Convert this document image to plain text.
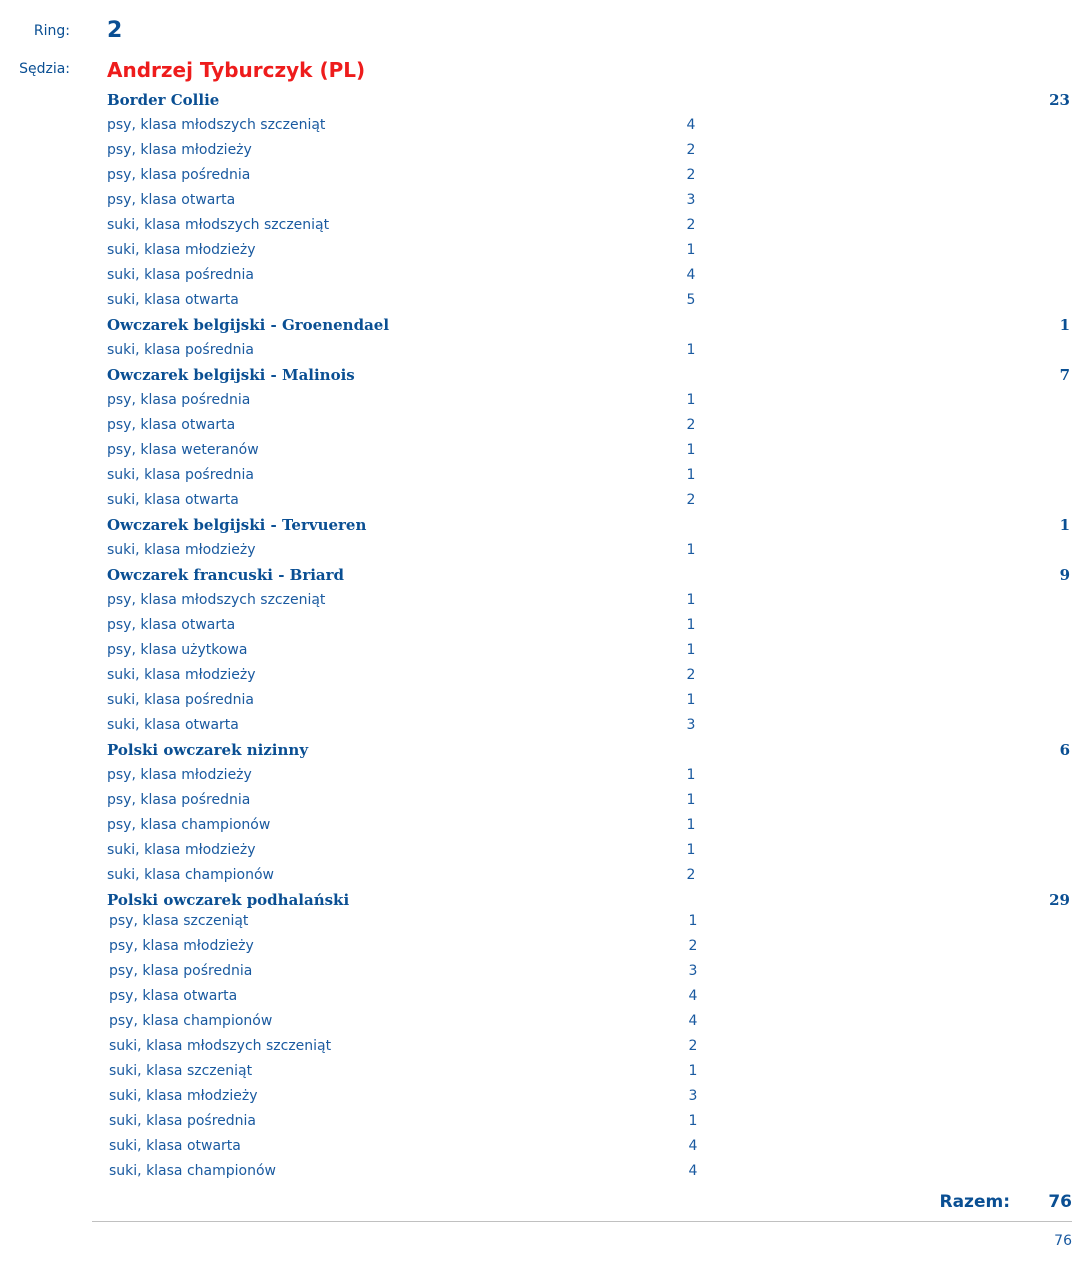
Ring: 2
Sędzia: Andrzej Tyburczyk (PL)
Border Collie	23
psy, klasa młodszych szczeniąt	4
psy, klasa młodzieży	2
psy, klasa pośrednia	2
psy, klasa otwarta	3
suki, klasa młodszych szczeniąt	2
suki, klasa młodzieży	1
suki, klasa pośrednia	4
suki, klasa otwarta	5
Owczarek belgijski - Groenendael	1
suki, klasa pośrednia	1
Owczarek belgijski - Malinois	7
psy, klasa pośrednia	1
psy, klasa otwarta	2
psy, klasa weteranów	1
suki, klasa pośrednia	1
suki, klasa otwarta	2
Owczarek belgijski - Tervueren	1
suki, klasa młodzieży	1
Owczarek francuski - Briard	9
psy, klasa młodszych szczeniąt	1
psy, klasa otwarta	1
psy, klasa użytkowa	1
suki, klasa młodzieży	2
suki, klasa pośrednia	1
suki, klasa otwarta	3
Polski owczarek nizinny	6
psy, klasa młodzieży	1
psy, klasa pośrednia	1
psy, klasa championów	1
suki, klasa młodzieży	1
suki, klasa championów	2
Polski owczarek podhalański	29
psy, klasa szczeniąt	1
psy, klasa młodzieży	2
psy, klasa pośrednia	3
psy, klasa otwarta	4
psy, klasa championów	4
suki, klasa młodszych szczeniąt	2
suki, klasa szczeniąt	1
suki, klasa młodzieży	3
suki, klasa pośrednia	1
suki, klasa otwarta	4
suki, klasa championów	4
Razem:	76
76
